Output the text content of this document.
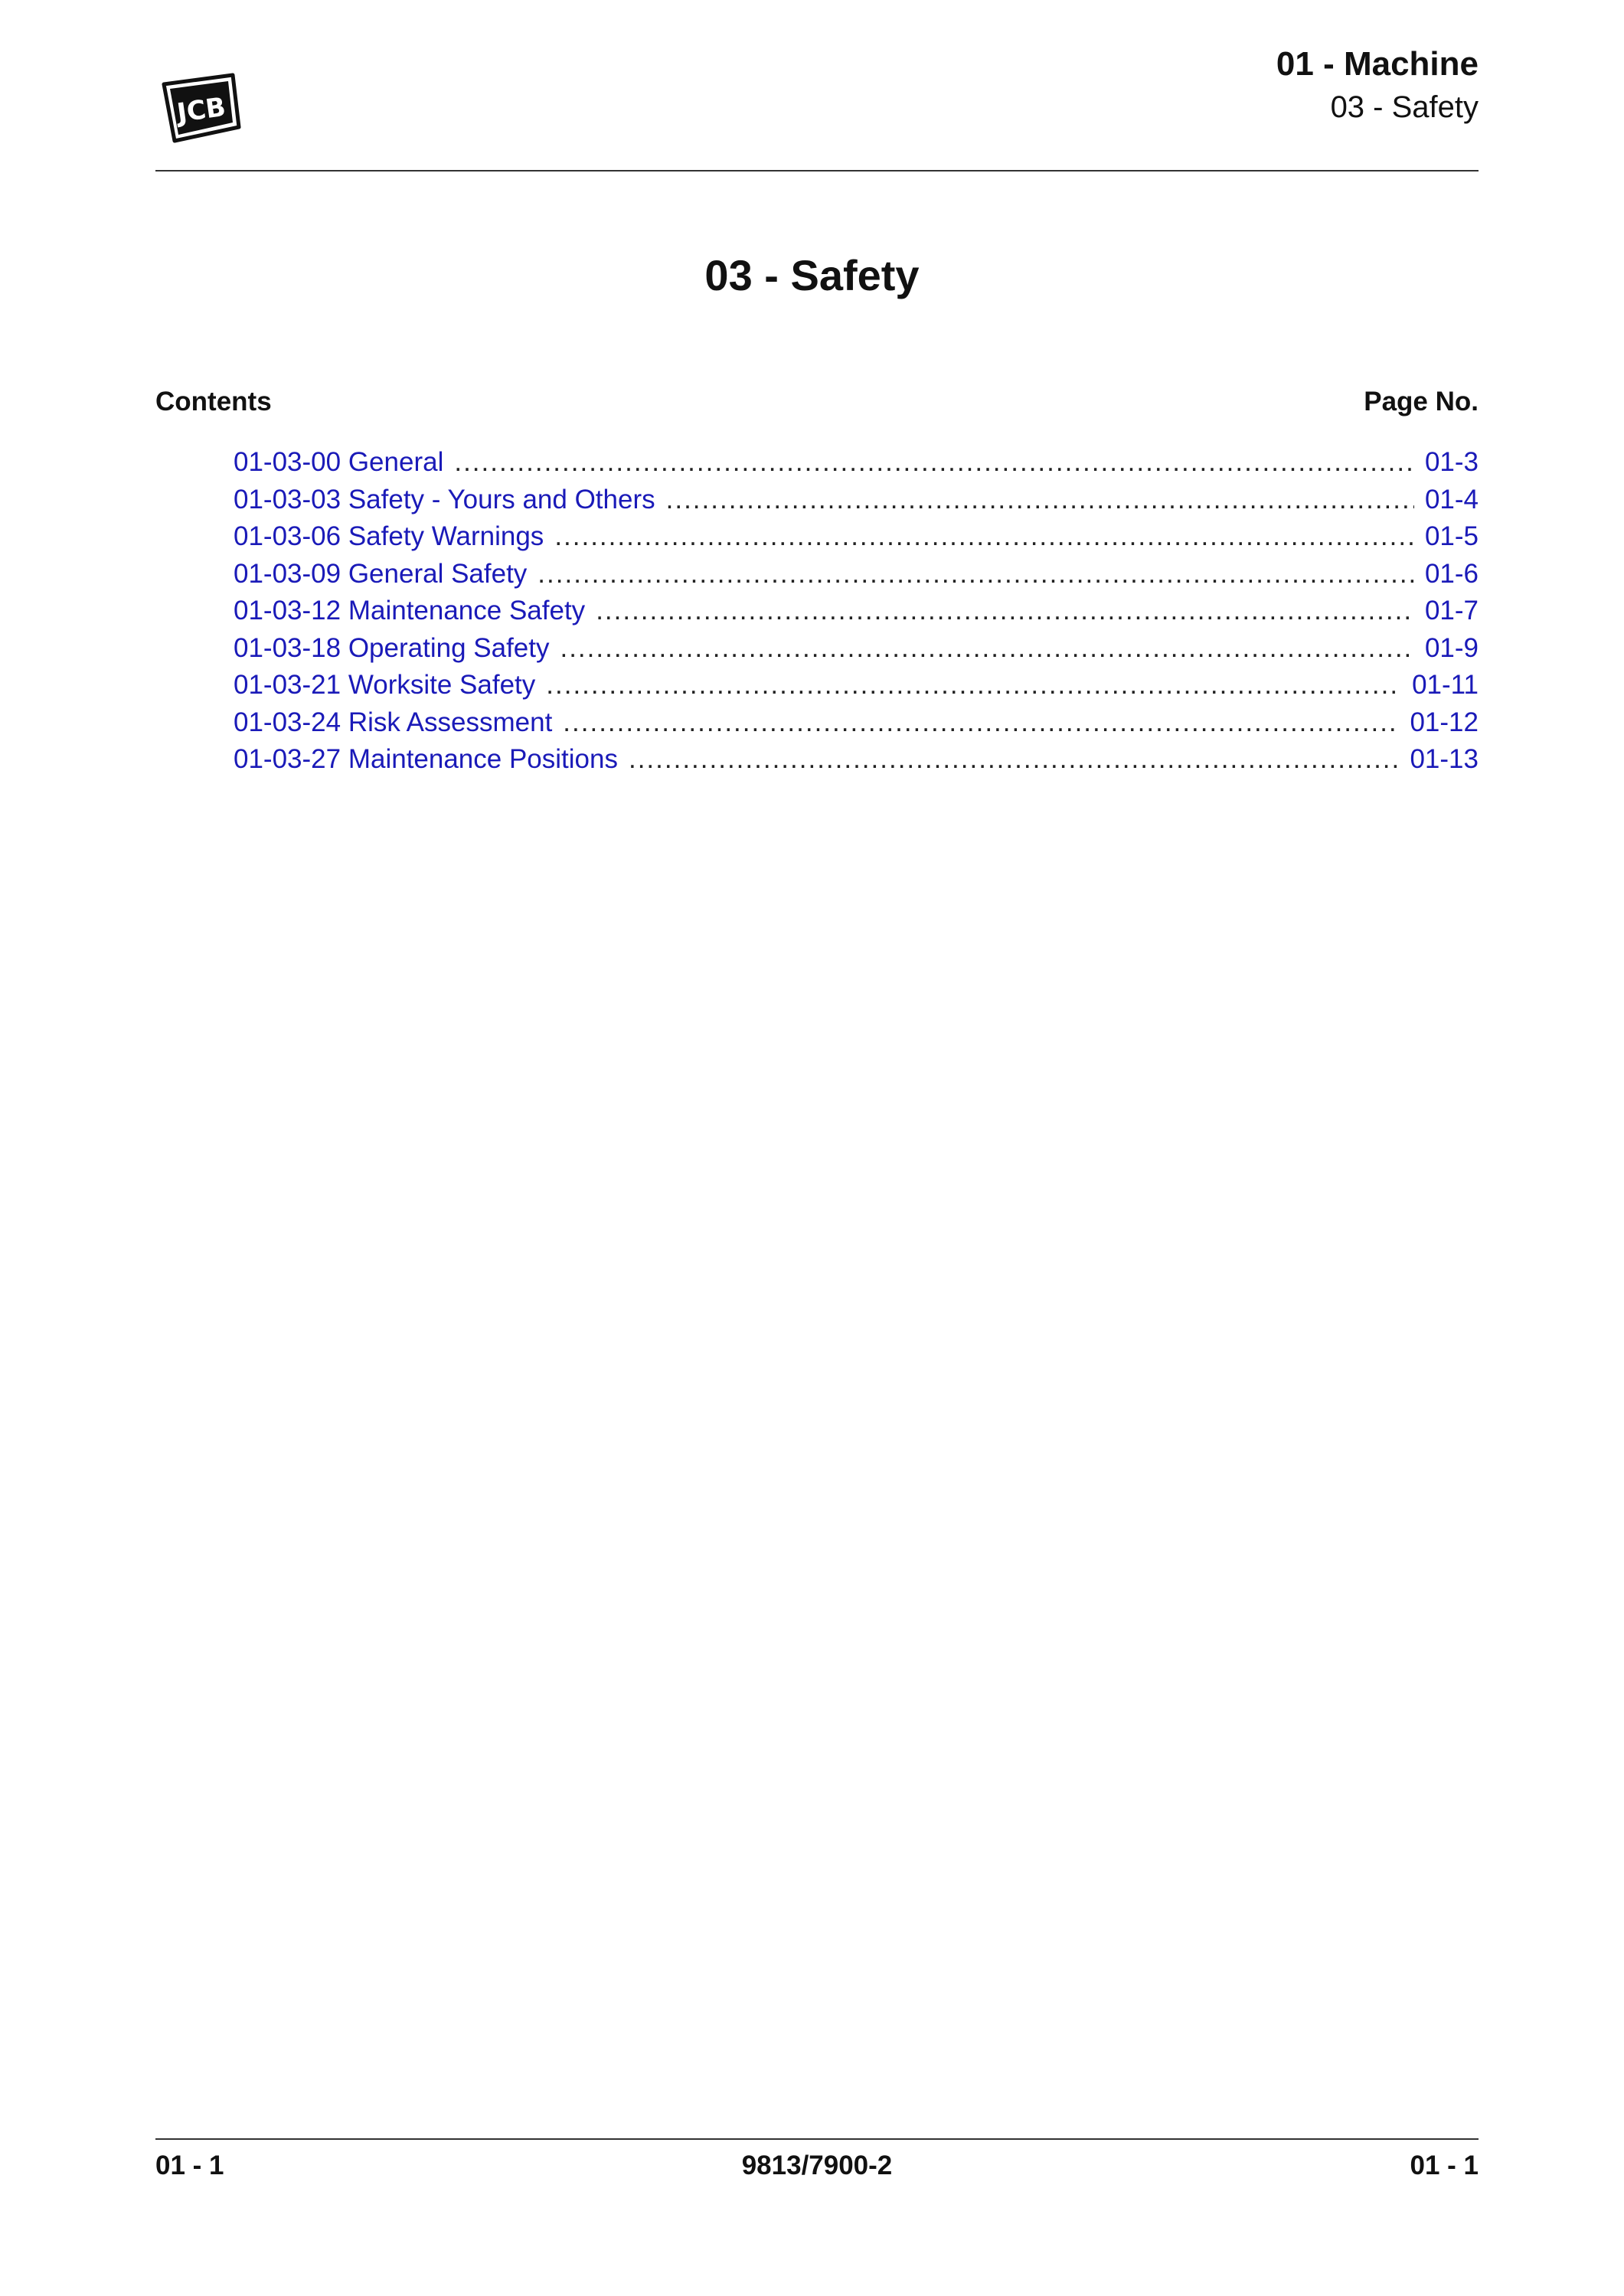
JCB
01 - Machine
03 - Safety
03 - Safety
Contents	Page No.
01-03-00 General .....	01-3
01-03-03 Safety - Yours and Others .....	01-4
01-03-06 Safety Warnings .....	01-5
01-03-09 General Safety .....	01-6
01-03-12 Maintenance Safety .....	01-7
01-03-18 Operating Safety .....	01-9
01-03-21 Worksite Safety .....	01-11
01-03-24 Risk Assessment .....	01-12
01-03-27 Maintenance Positions .....	01-13
01 - 1	9813/7900-2	01 - 1
